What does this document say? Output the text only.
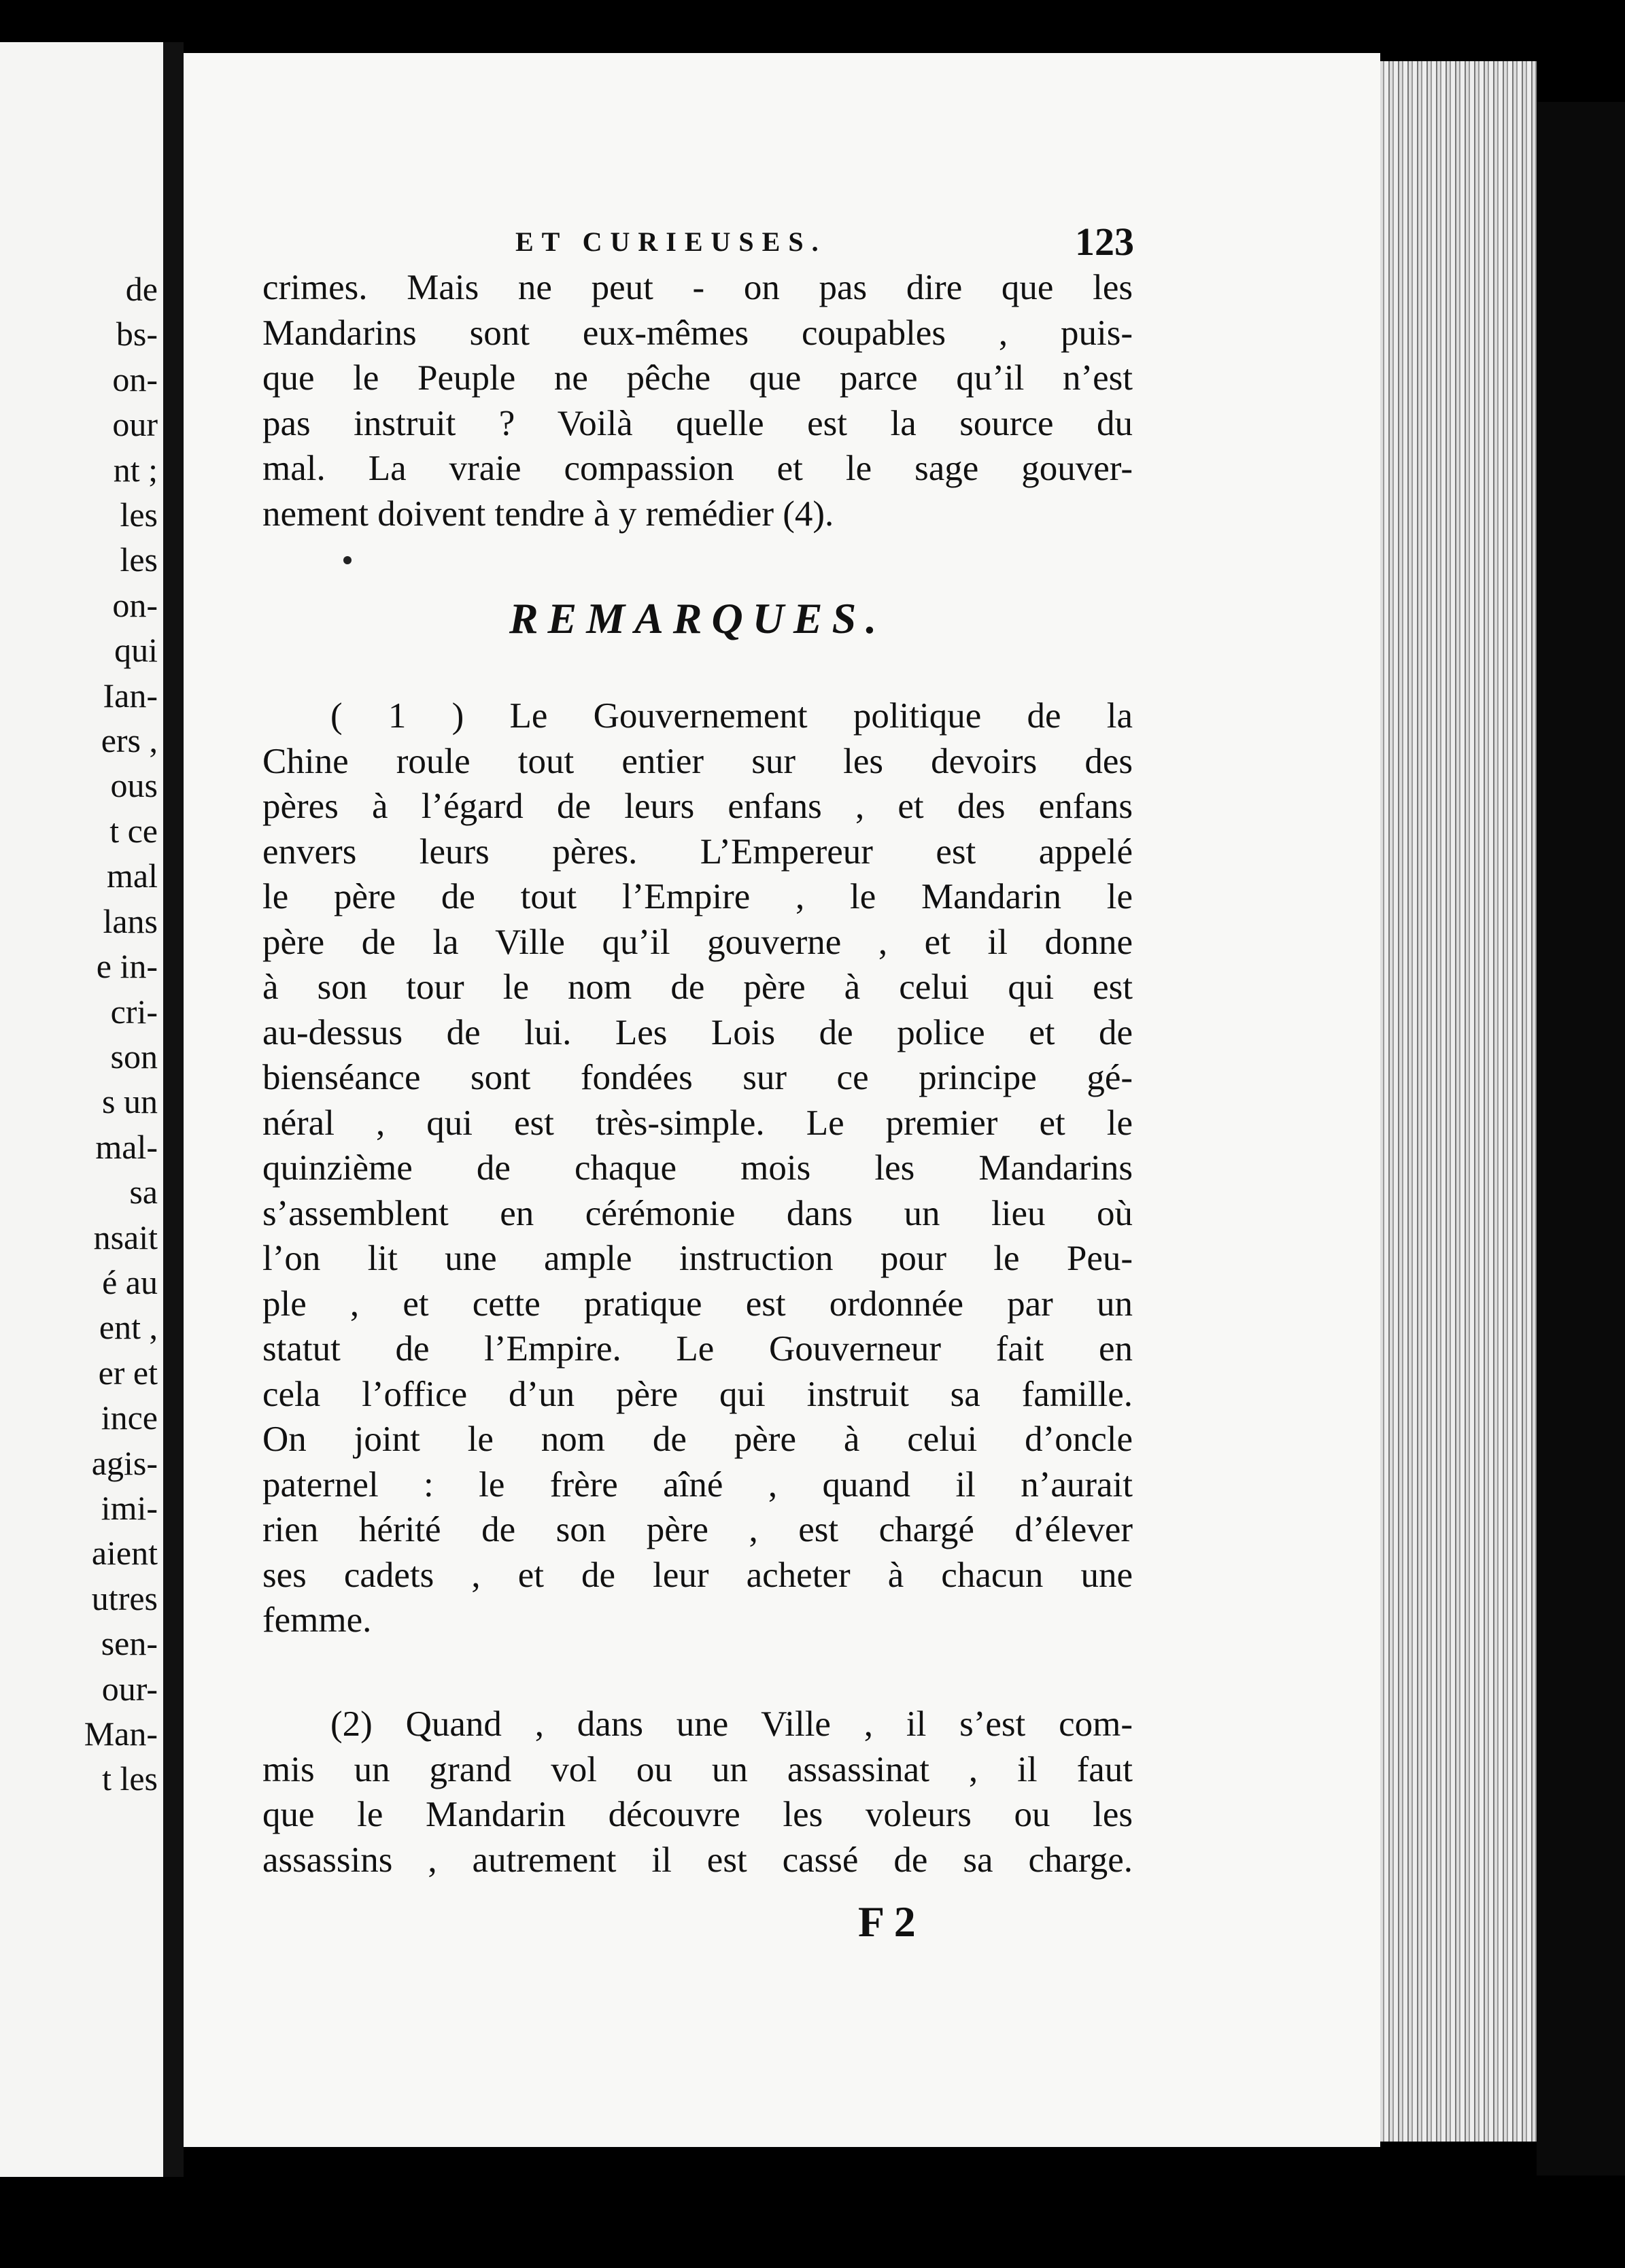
de
bs-
on-
our
nt ;
les
les
on-
qui
Ian-
ers ,
ous
t ce
mal
lans
e in-
cri-
son
s un
mal-
sa
nsait
é au
ent ,
er et
ince
agis-
imi-
aient
utres
sen-
our-
Man-
t les
ET CURIEUSES.	123
crimes. Mais ne peut - on pas dire que les
Mandarins sont eux-mêmes coupables , puis-
que le Peuple ne pêche que parce qu’il n’est
pas instruit ? Voilà quelle est la source du
mal. La vraie compassion et le sage gouver-
nement doivent tendre à y remédier (4).
REMARQUES.
( 1 ) Le Gouvernement politique de la
Chine roule tout entier sur les devoirs des
pères à l’égard de leurs enfans , et des enfans
envers leurs pères. L’Empereur est appelé
le père de tout l’Empire , le Mandarin le
père de la Ville qu’il gouverne , et il donne
à son tour le nom de père à celui qui est
au-dessus de lui. Les Lois de police et de
bienséance sont fondées sur ce principe gé-
néral , qui est très-simple. Le premier et le
quinzième de chaque mois les Mandarins
s’assemblent en cérémonie dans un lieu où
l’on lit une ample instruction pour le Peu-
ple , et cette pratique est ordonnée par un
statut de l’Empire. Le Gouverneur fait en
cela l’office d’un père qui instruit sa famille.
On joint le nom de père à celui d’oncle
paternel : le frère aîné , quand il n’aurait
rien hérité de son père , est chargé d’élever
ses cadets , et de leur acheter à chacun une
femme.
(2) Quand , dans une Ville , il s’est com-
mis un grand vol ou un assassinat , il faut
que le Mandarin découvre les voleurs ou les
assassins , autrement il est cassé de sa charge.
F 2
